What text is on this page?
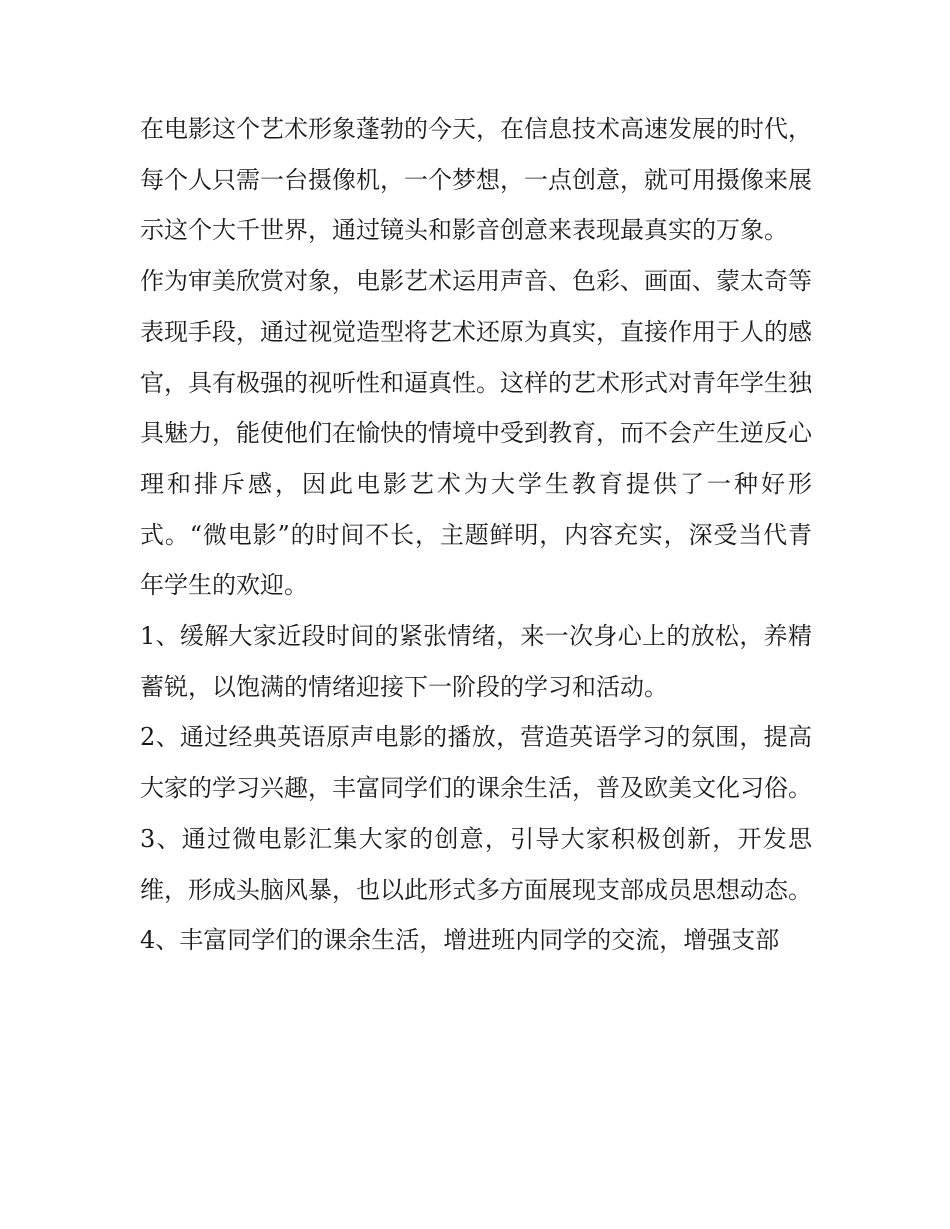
在电影这个艺术形象蓬勃的今天，在信息技术高速发展的时代，每个人只需一台摄像机，一个梦想，一点创意，就可用摄像来展示这个大千世界，通过镜头和影音创意来表现最真实的万象。

作为审美欣赏对象，电影艺术运用声音、色彩、画面、蒙太奇等表现手段，通过视觉造型将艺术还原为真实，直接作用于人的感官，具有极强的视听性和逼真性。这样的艺术形式对青年学生独具魅力，能使他们在愉快的情境中受到教育，而不会产生逆反心理和排斥感，因此电影艺术为大学生教育提供了一种好形式。“微电影”的时间不长，主题鲜明，内容充实，深受当代青年学生的欢迎。

1、缓解大家近段时间的紧张情绪，来一次身心上的放松，养精蓄锐，以饱满的情绪迎接下一阶段的学习和活动。

2、通过经典英语原声电影的播放，营造英语学习的氛围，提高大家的学习兴趣，丰富同学们的课余生活，普及欧美文化习俗。

3、通过微电影汇集大家的创意，引导大家积极创新，开发思维，形成头脑风暴，也以此形式多方面展现支部成员思想动态。

4、丰富同学们的课余生活，增进班内同学的交流，增强支部
